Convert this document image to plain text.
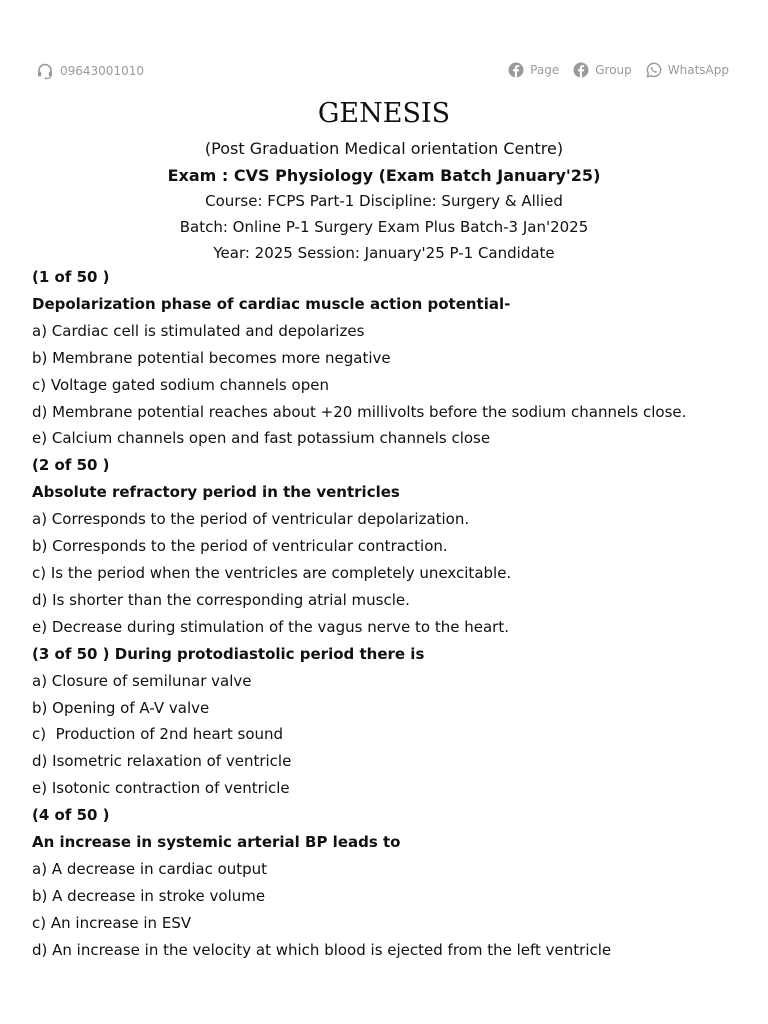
09643001010	Page	Group	WhatsApp
GENESIS
(Post Graduation Medical orientation Centre)
Exam : CVS Physiology (Exam Batch January'25)
Course: FCPS Part-1 Discipline: Surgery & Allied
Batch: Online P-1 Surgery Exam Plus Batch-3 Jan'2025
Year: 2025 Session: January'25 P-1 Candidate
(1 of 50 )
Depolarization phase of cardiac muscle action potential-
a) Cardiac cell is stimulated and depolarizes
b) Membrane potential becomes more negative
c) Voltage gated sodium channels open
d) Membrane potential reaches about +20 millivolts before the sodium channels close.
e) Calcium channels open and fast potassium channels close
(2 of 50 )
Absolute refractory period in the ventricles
a) Corresponds to the period of ventricular depolarization.
b) Corresponds to the period of ventricular contraction.
c) Is the period when the ventricles are completely unexcitable.
d) Is shorter than the corresponding atrial muscle.
e) Decrease during stimulation of the vagus nerve to the heart.
(3 of 50 ) During protodiastolic period there is
a) Closure of semilunar valve
b) Opening of A-V valve
c)  Production of 2nd heart sound
d) Isometric relaxation of ventricle
e) Isotonic contraction of ventricle
(4 of 50 )
An increase in systemic arterial BP leads to
a) A decrease in cardiac output
b) A decrease in stroke volume
c) An increase in ESV
d) An increase in the velocity at which blood is ejected from the left ventricle
